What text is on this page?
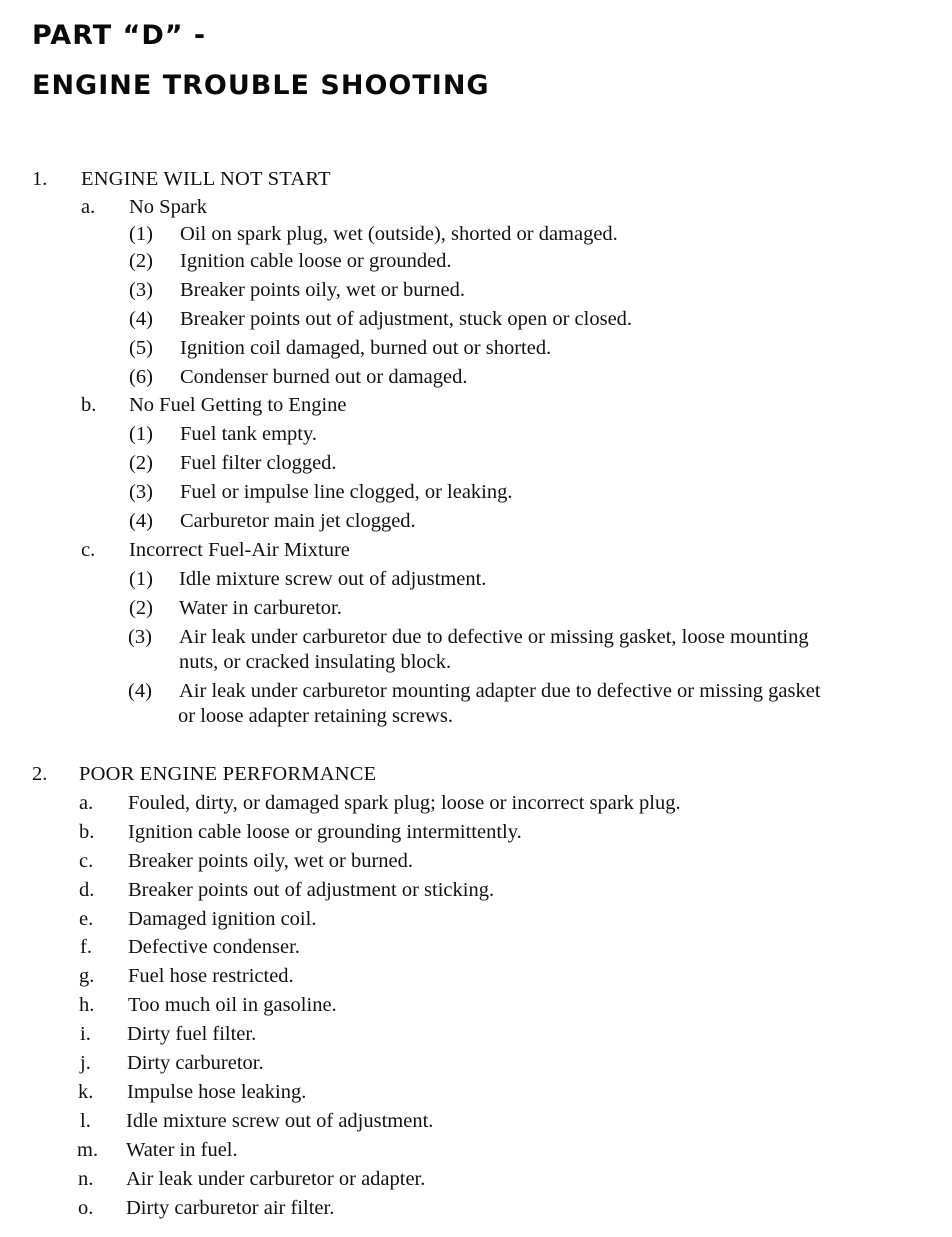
PART “D” -
ENGINE TROUBLE SHOOTING
1. ENGINE WILL NOT START
a. No Spark
(1) Oil on spark plug, wet (outside), shorted or damaged.
(2) Ignition cable loose or grounded.
(3) Breaker points oily, wet or burned.
(4) Breaker points out of adjustment, stuck open or closed.
(5) Ignition coil damaged, burned out or shorted.
(6) Condenser burned out or damaged.
b. No Fuel Getting to Engine
(1) Fuel tank empty.
(2) Fuel filter clogged.
(3) Fuel or impulse line clogged, or leaking.
(4) Carburetor main jet clogged.
c. Incorrect Fuel-Air Mixture
(1) Idle mixture screw out of adjustment.
(2) Water in carburetor.
(3) Air leak under carburetor due to defective or missing gasket, loose mounting
nuts, or cracked insulating block.
(4) Air leak under carburetor mounting adapter due to defective or missing gasket
or loose adapter retaining screws.
2. POOR ENGINE PERFORMANCE
a. Fouled, dirty, or damaged spark plug; loose or incorrect spark plug.
b. Ignition cable loose or grounding intermittently.
c. Breaker points oily, wet or burned.
d. Breaker points out of adjustment or sticking.
e. Damaged ignition coil.
f. Defective condenser.
g. Fuel hose restricted.
h. Too much oil in gasoline.
i. Dirty fuel filter.
j. Dirty carburetor.
k. Impulse hose leaking.
l. Idle mixture screw out of adjustment.
m. Water in fuel.
n. Air leak under carburetor or adapter.
o. Dirty carburetor air filter.
